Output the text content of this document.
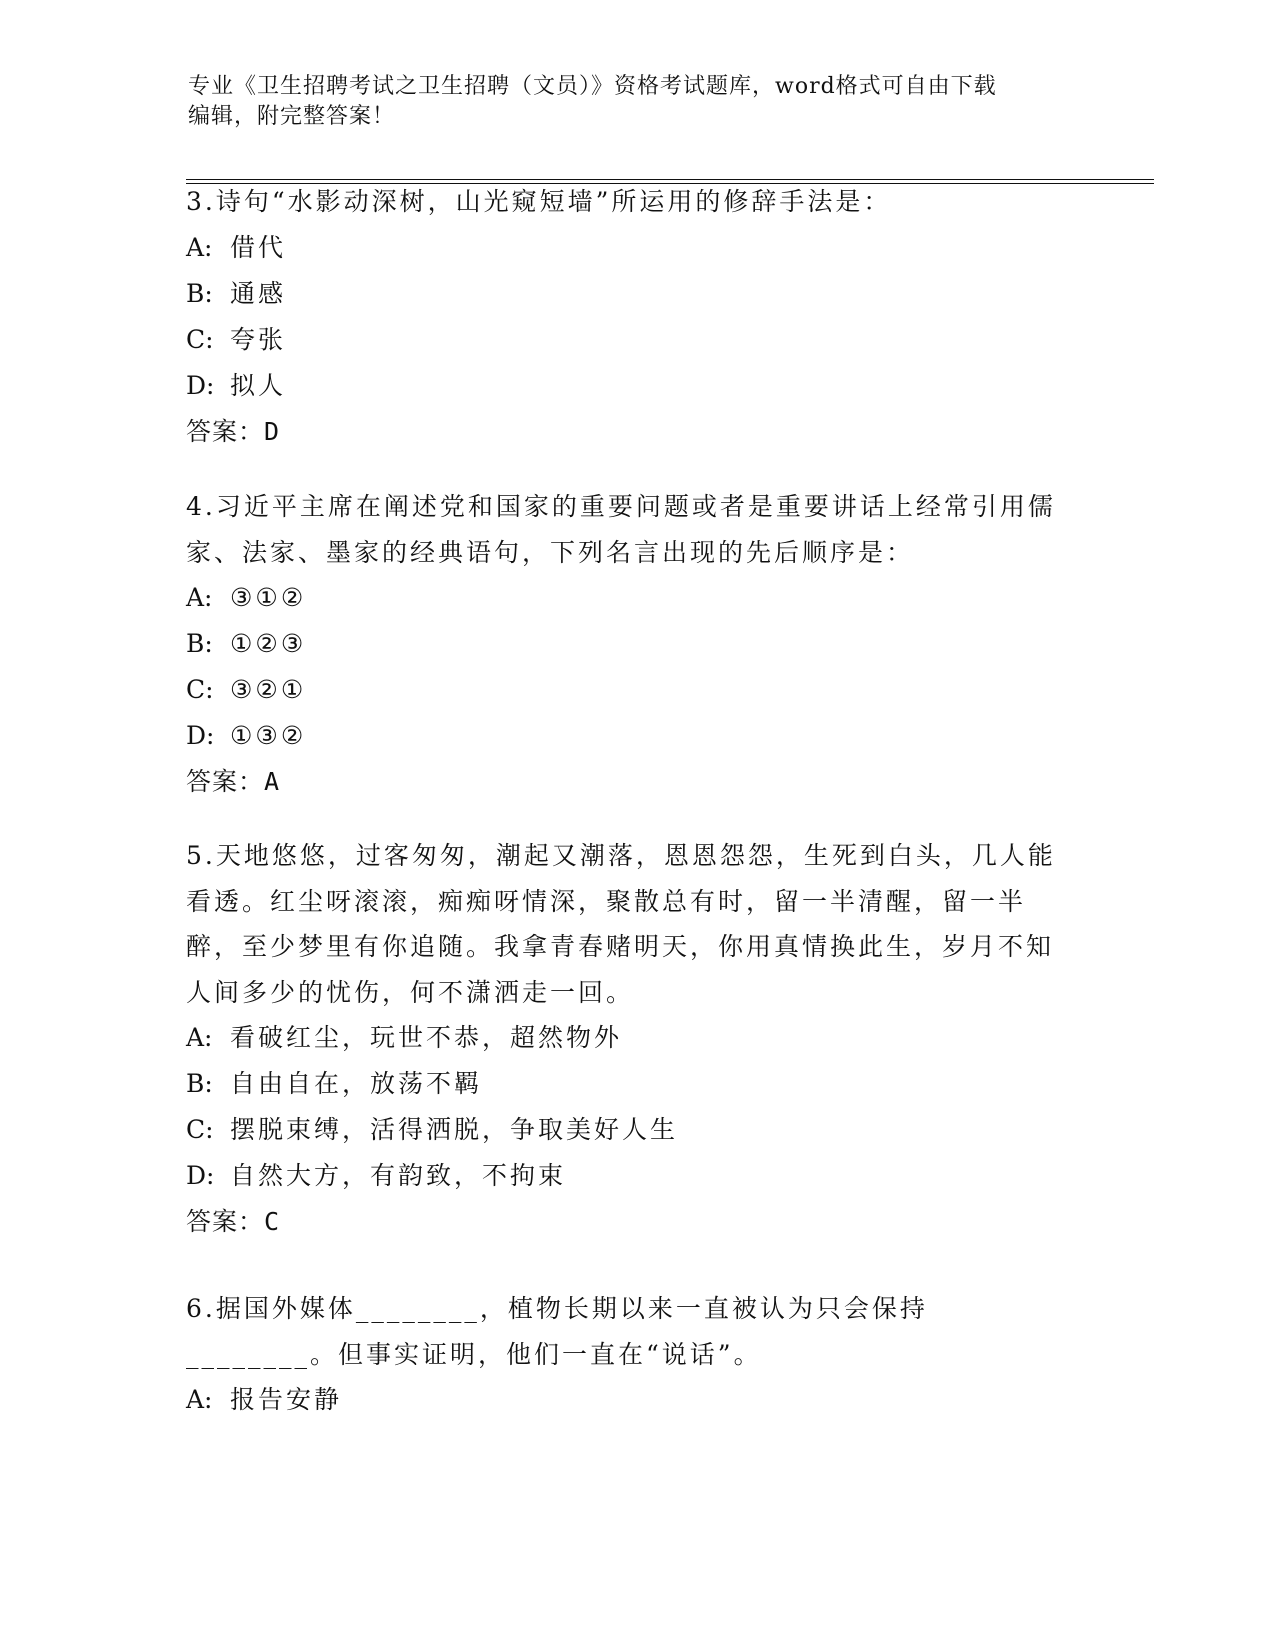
专业《卫生招聘考试之卫生招聘（文员）》资格考试题库，word格式可自由下载
编辑，附完整答案！

3.诗句“水影动深树，山光窥短墙”所运用的修辞手法是：

A: 借代

B: 通感

C: 夸张

D: 拟人

答案：D

4.习近平主席在阐述党和国家的重要问题或者是重要讲话上经常引用儒家、法家、墨家的经典语句，下列名言出现的先后顺序是：

A: ③①②

B: ①②③

C: ③②①

D: ①③②

答案：A

5.天地悠悠，过客匆匆，潮起又潮落，恩恩怨怨，生死到白头，几人能看透。红尘呀滚滚，痴痴呀情深，聚散总有时，留一半清醒，留一半醉，至少梦里有你追随。我拿青春赌明天，你用真情换此生，岁月不知人间多少的忧伤，何不潇洒走一回。

A: 看破红尘，玩世不恭，超然物外

B: 自由自在，放荡不羁

C: 摆脱束缚，活得洒脱，争取美好人生

D: 自然大方，有韵致，不拘束

答案：C

6.据国外媒体________，植物长期以来一直被认为只会保持________。但事实证明，他们一直在“说话”。

A: 报告安静
